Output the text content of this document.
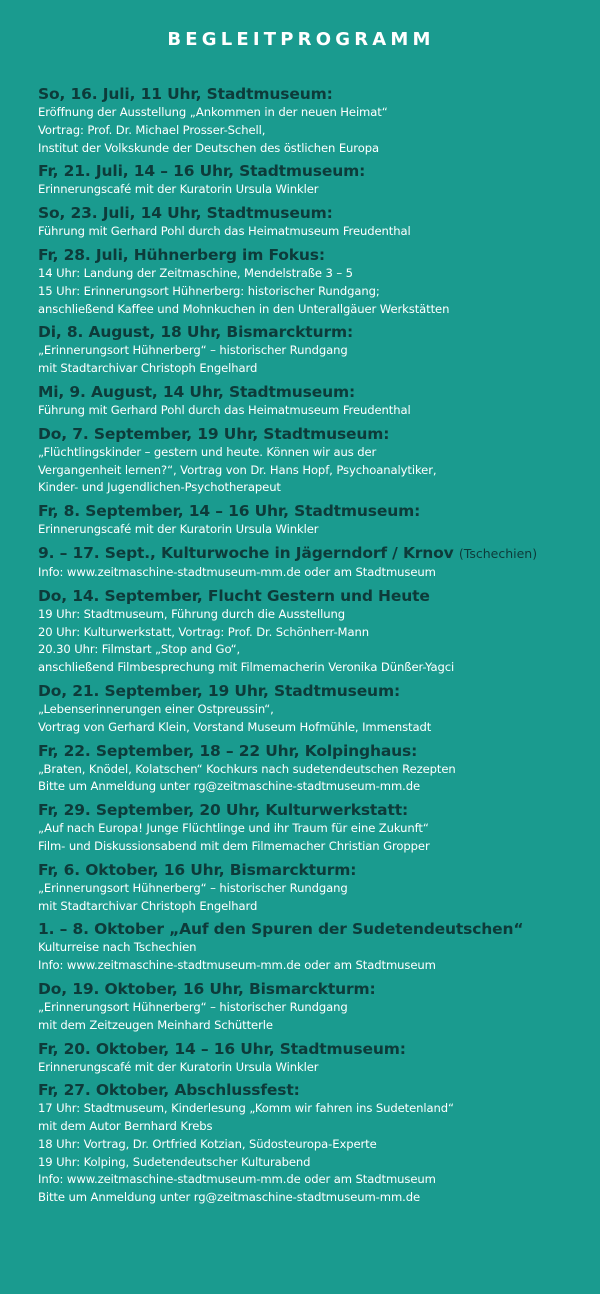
BEGLEITPROGRAMM
So, 16. Juli, 11 Uhr, Stadtmuseum:
Eröffnung der Ausstellung „Ankommen in der neuen Heimat“
Vortrag: Prof. Dr. Michael Prosser-Schell,
Institut der Volkskunde der Deutschen des östlichen Europa
Fr, 21. Juli, 14 – 16 Uhr, Stadtmuseum:
Erinnerungscafé mit der Kuratorin Ursula Winkler
So, 23. Juli, 14 Uhr, Stadtmuseum:
Führung mit Gerhard Pohl durch das Heimatmuseum Freudenthal
Fr, 28. Juli, Hühnerberg im Fokus:
14 Uhr: Landung der Zeitmaschine, Mendelstraße 3 – 5
15 Uhr: Erinnerungsort Hühnerberg: historischer Rundgang;
anschließend Kaffee und Mohnkuchen in den Unterallgäuer Werkstätten
Di, 8. August, 18 Uhr, Bismarckturm:
„Erinnerungsort Hühnerberg“ – historischer Rundgang
mit Stadtarchivar Christoph Engelhard
Mi, 9. August, 14 Uhr, Stadtmuseum:
Führung mit Gerhard Pohl durch das Heimatmuseum Freudenthal
Do, 7. September, 19 Uhr, Stadtmuseum:
„Flüchtlingskinder – gestern und heute. Können wir aus der
Vergangenheit lernen?“, Vortrag von Dr. Hans Hopf, Psychoanalytiker,
Kinder- und Jugendlichen-Psychotherapeut
Fr, 8. September, 14 – 16 Uhr, Stadtmuseum:
Erinnerungscafé mit der Kuratorin Ursula Winkler
9. – 17. Sept., Kulturwoche in Jägerndorf / Krnov (Tschechien)
Info: www.zeitmaschine-stadtmuseum-mm.de oder am Stadtmuseum
Do, 14. September, Flucht Gestern und Heute
19 Uhr: Stadtmuseum, Führung durch die Ausstellung
20 Uhr: Kulturwerkstatt, Vortrag: Prof. Dr. Schönherr-Mann
20.30 Uhr: Filmstart „Stop and Go“,
anschließend Filmbesprechung mit Filmemacherin Veronika Dünßer-Yagci
Do, 21. September, 19 Uhr, Stadtmuseum:
„Lebenserinnerungen einer Ostpreussin“,
Vortrag von Gerhard Klein, Vorstand Museum Hofmühle, Immenstadt
Fr, 22. September, 18 – 22 Uhr, Kolpinghaus:
„Braten, Knödel, Kolatschen“ Kochkurs nach sudetendeutschen Rezepten
Bitte um Anmeldung unter rg@zeitmaschine-stadtmuseum-mm.de
Fr, 29. September, 20 Uhr, Kulturwerkstatt:
„Auf nach Europa! Junge Flüchtlinge und ihr Traum für eine Zukunft“
Film- und Diskussionsabend mit dem Filmemacher Christian Gropper
Fr, 6. Oktober, 16 Uhr, Bismarckturm:
„Erinnerungsort Hühnerberg“ – historischer Rundgang
mit Stadtarchivar Christoph Engelhard
1. – 8. Oktober „Auf den Spuren der Sudetendeutschen“
Kulturreise nach Tschechien
Info: www.zeitmaschine-stadtmuseum-mm.de oder am Stadtmuseum
Do, 19. Oktober, 16 Uhr, Bismarckturm:
„Erinnerungsort Hühnerberg“ – historischer Rundgang
mit dem Zeitzeugen Meinhard Schütterle
Fr, 20. Oktober, 14 – 16 Uhr, Stadtmuseum:
Erinnerungscafé mit der Kuratorin Ursula Winkler
Fr, 27. Oktober, Abschlussfest:
17 Uhr: Stadtmuseum, Kinderlesung „Komm wir fahren ins Sudetenland“
mit dem Autor Bernhard Krebs
18 Uhr: Vortrag, Dr. Ortfried Kotzian, Südosteuropa-Experte
19 Uhr: Kolping, Sudetendeutscher Kulturabend
Info: www.zeitmaschine-stadtmuseum-mm.de oder am Stadtmuseum
Bitte um Anmeldung unter rg@zeitmaschine-stadtmuseum-mm.de
